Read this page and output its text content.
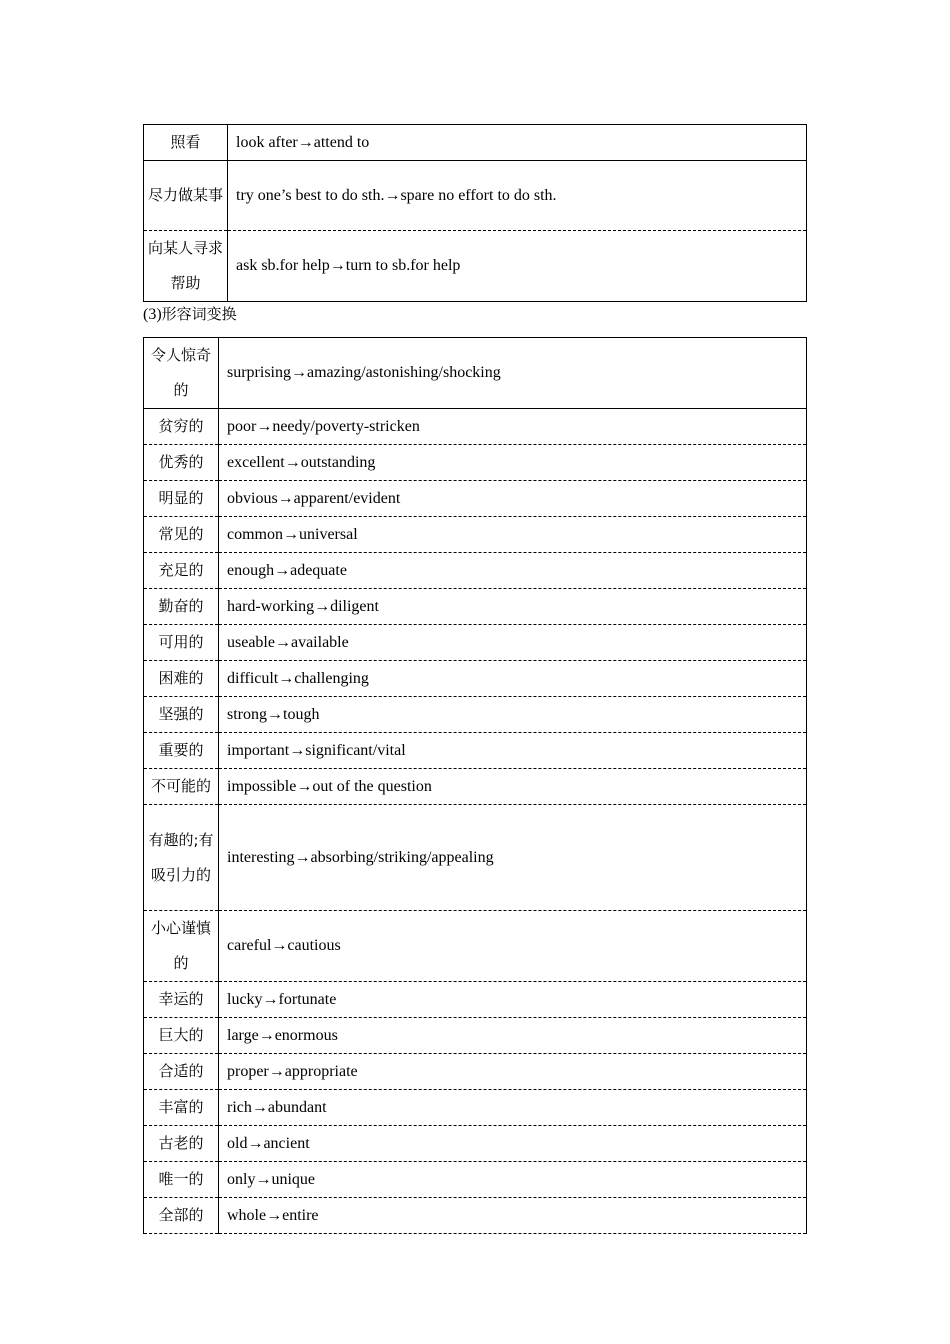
照看	look after→attend to
尽力做某事	try one’s best to do sth.→spare no effort to do sth.
向某人寻求帮助	ask sb.for help→turn to sb.for help
(3)形容词变换
令人惊奇的	surprising→amazing/astonishing/shocking
贫穷的	poor→needy/poverty-stricken
优秀的	excellent→outstanding
明显的	obvious→apparent/evident
常见的	common→universal
充足的	enough→adequate
勤奋的	hard-working→diligent
可用的	useable→available
困难的	difficult→challenging
坚强的	strong→tough
重要的	important→significant/vital
不可能的	impossible→out of the question
有趣的;有吸引力的	interesting→absorbing/striking/appealing
小心谨慎的	careful→cautious
幸运的	lucky→fortunate
巨大的	large→enormous
合适的	proper→appropriate
丰富的	rich→abundant
古老的	old→ancient
唯一的	only→unique
全部的	whole→entire
